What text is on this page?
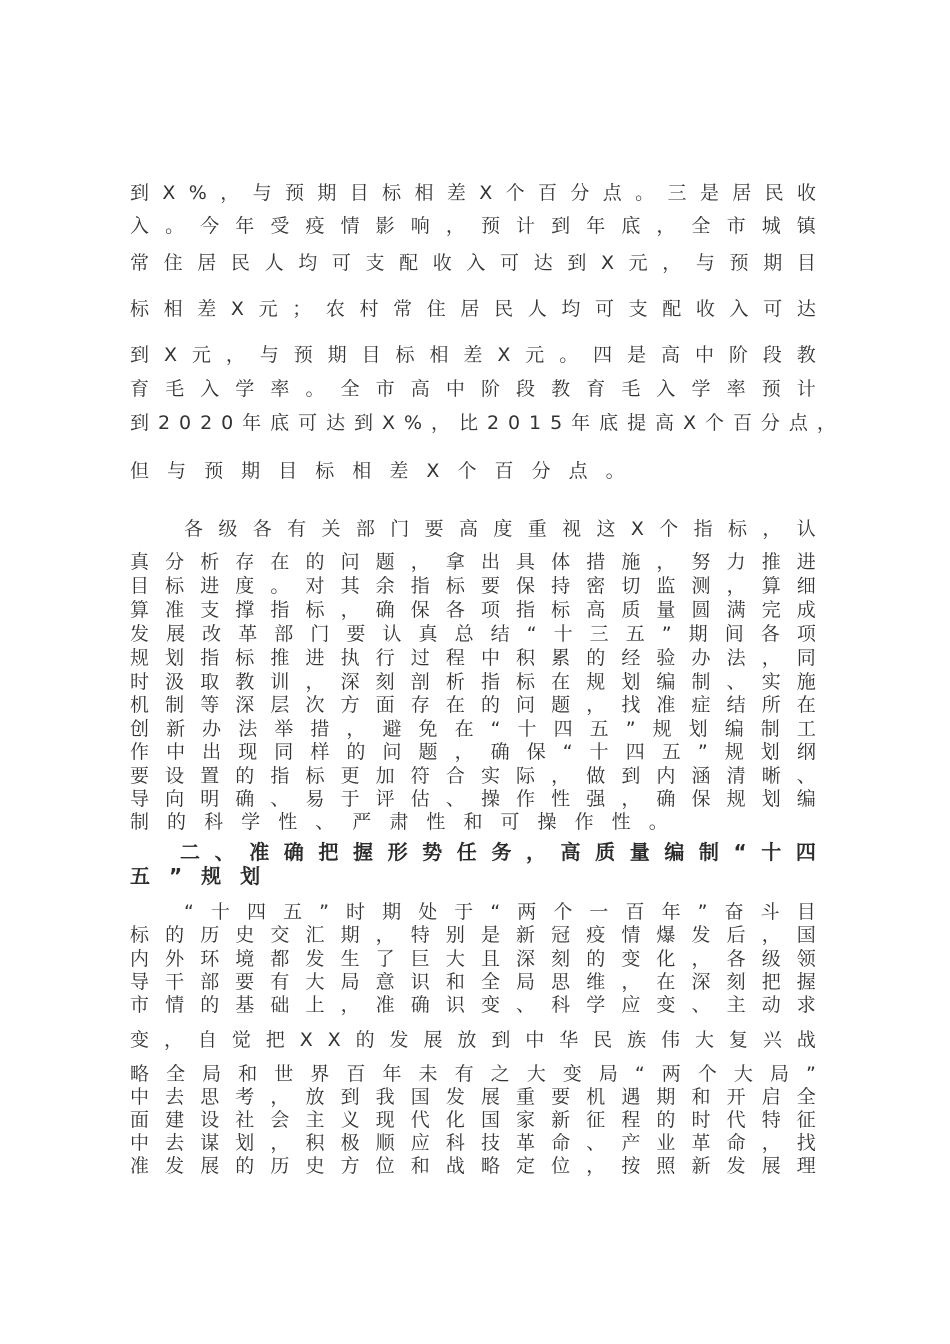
到 X % ， 与 预 期 目 标 相 差 X 个 百 分 点 。 三 是 居 民 收
入 。 今 年 受 疫 情 影 响 ， 预 计 到 年 底 ， 全 市 城 镇
常 住 居 民 人 均 可 支 配 收 入 可 达 到 X 元 ， 与 预 期 目
标 相 差 X 元 ； 农 村 常 住 居 民 人 均 可 支 配 收 入 可 达
到 X 元 ， 与 预 期 目 标 相 差 X 元 。 四 是 高 中 阶 段 教
育 毛 入 学 率 。 全 市 高 中 阶 段 教 育 毛 入 学 率 预 计
到 2 0 2 0 年 底 可 达 到 X % ， 比 2 0 1 5 年 底 提 高 X 个 百 分 点 ，
但与预期目标相差X个百分点。
各 级 各 有 关 部 门 要 高 度 重 视 这 X 个 指 标 ， 认
真 分 析 存 在 的 问 题 ， 拿 出 具 体 措 施 ， 努 力 推 进
目 标 进 度 。 对 其 余 指 标 要 保 持 密 切 监 测 ， 算 细
算 准 支 撑 指 标 ， 确 保 各 项 指 标 高 质 量 圆 满 完 成
发 展 改 革 部 门 要 认 真 总 结 “ 十 三 五 ” 期 间 各 项
规 划 指 标 推 进 执 行 过 程 中 积 累 的 经 验 办 法 ， 同
时 汲 取 教 训 ， 深 刻 剖 析 指 标 在 规 划 编 制 、 实 施
机 制 等 深 层 次 方 面 存 在 的 问 题 ， 找 准 症 结 所 在
创 新 办 法 举 措 ， 避 免 在 “ 十 四 五 ” 规 划 编 制 工
作 中 出 现 同 样 的 问 题 ， 确 保 “ 十 四 五 ” 规 划 纲
要 设 置 的 指 标 更 加 符 合 实 际 ， 做 到 内 涵 清 晰 、
导 向 明 确 、 易 于 评 估 、 操 作 性 强 ， 确 保 规 划 编
制的科学性、严肃性和可操作性。
二 、 准 确 把 握 形 势 任 务 ， 高 质 量 编 制 “ 十 四
五”规划
“ 十 四 五 ” 时 期 处 于 “ 两 个 一 百 年 ” 奋 斗 目
标 的 历 史 交 汇 期 ， 特 别 是 新 冠 疫 情 爆 发 后 ， 国
内 外 环 境 都 发 生 了 巨 大 且 深 刻 的 变 化 ， 各 级 领
导 干 部 要 有 大 局 意 识 和 全 局 思 维 ， 在 深 刻 把 握
市 情 的 基 础 上 ， 准 确 识 变 、 科 学 应 变 、 主 动 求
变 ， 自 觉 把 X X 的 发 展 放 到 中 华 民 族 伟 大 复 兴 战
略 全 局 和 世 界 百 年 未 有 之 大 变 局 “ 两 个 大 局 ”
中 去 思 考 ， 放 到 我 国 发 展 重 要 机 遇 期 和 开 启 全
面 建 设 社 会 主 义 现 代 化 国 家 新 征 程 的 时 代 特 征
中 去 谋 划 ， 积 极 顺 应 科 技 革 命 、 产 业 革 命 ， 找
准 发 展 的 历 史 方 位 和 战 略 定 位 ， 按 照 新 发 展 理
